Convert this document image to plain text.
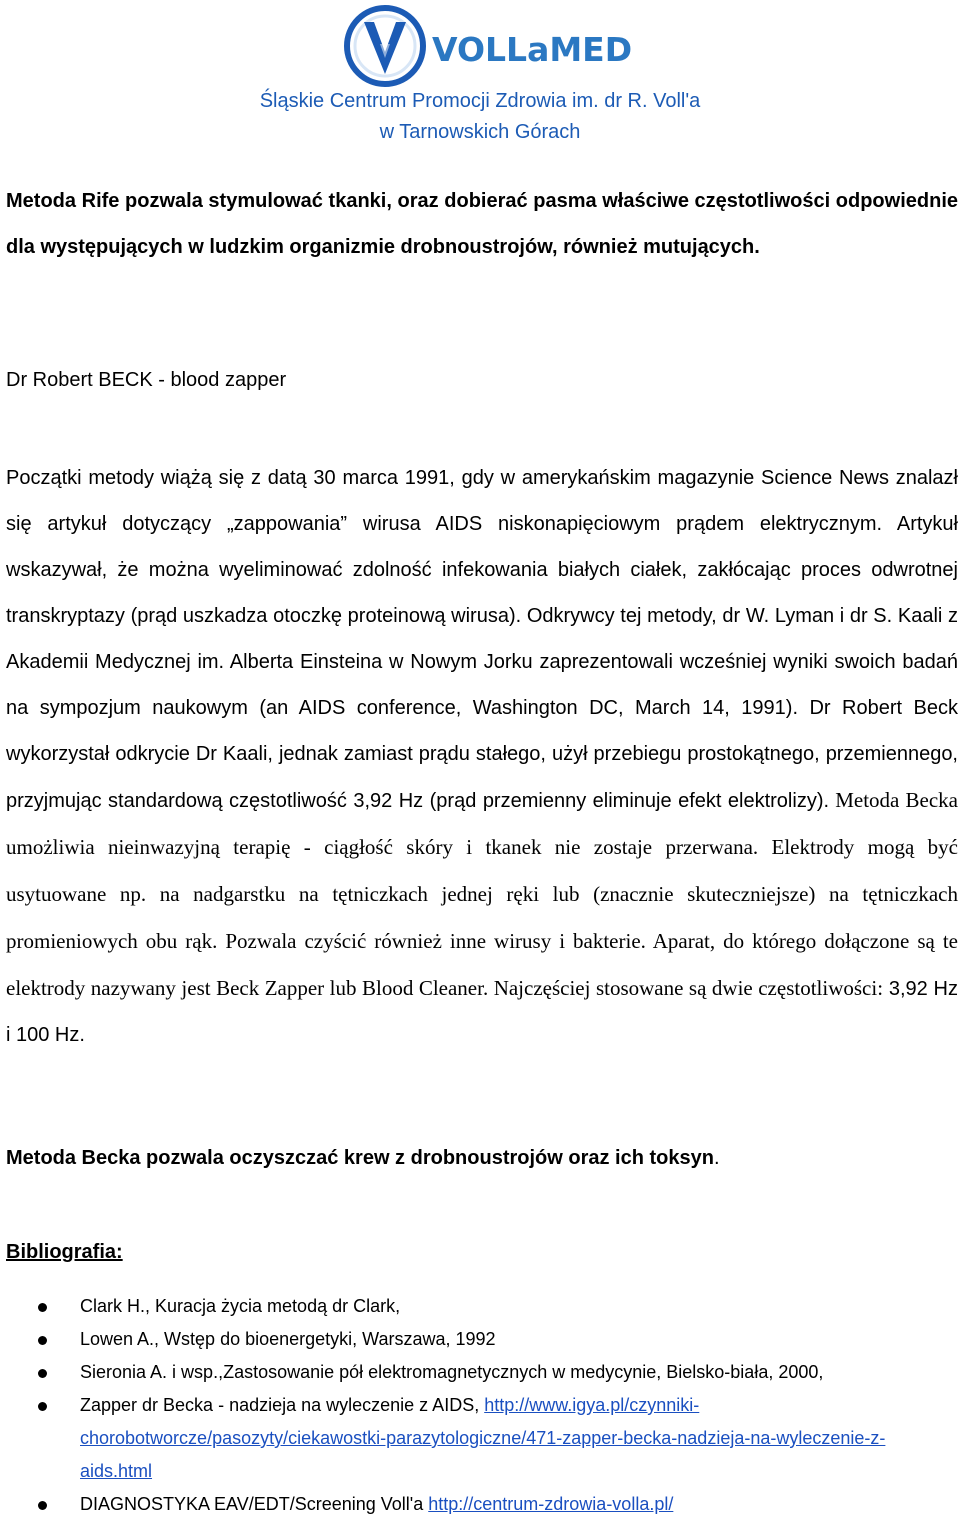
VOLLaMED
Śląskie Centrum Promocji Zdrowia im. dr R. Voll'a
w Tarnowskich Górach
Metoda Rife pozwala stymulować tkanki, oraz dobierać pasma właściwe częstotliwości odpowiednie dla występujących w ludzkim organizmie drobnoustrojów, również mutujących.
Dr Robert BECK - blood zapper
Początki metody wiążą się z datą 30 marca 1991, gdy w amerykańskim magazynie Science News znalazł się artykuł dotyczący „zappowania” wirusa AIDS niskonapięciowym prądem elektrycznym. Artykuł wskazywał, że można wyeliminować zdolność infekowania białych ciałek, zakłócając proces odwrotnej transkryptazy (prąd uszkadza otoczkę proteinową wirusa). Odkrywcy tej metody, dr W. Lyman i dr S. Kaali z Akademii Medycznej im. Alberta Einsteina w Nowym Jorku zaprezentowali wcześniej wyniki swoich badań na sympozjum naukowym (an AIDS conference, Washington DC, March 14, 1991). Dr Robert Beck wykorzystał odkrycie Dr Kaali, jednak zamiast prądu stałego, użył przebiegu prostokątnego, przemiennego, przyjmując standardową częstotliwość 3,92 Hz (prąd przemienny eliminuje efekt elektrolizy). Metoda Becka umożliwia nieinwazyjną terapię - ciągłość skóry i tkanek nie zostaje przerwana. Elektrody mogą być usytuowane np. na nadgarstku na tętniczkach jednej ręki lub (znacznie skuteczniejsze) na tętniczkach promieniowych obu rąk. Pozwala czyścić również inne wirusy i bakterie. Aparat, do którego dołączone są te elektrody nazywany jest Beck Zapper lub Blood Cleaner. Najczęściej stosowane są dwie częstotliwości: 3,92 Hz i 100 Hz.
Metoda Becka pozwala oczyszczać krew z drobnoustrojów oraz ich toksyn.
Bibliografia:
Clark H., Kuracja życia metodą dr Clark,
Lowen A., Wstęp do bioenergetyki, Warszawa, 1992
Sieronia A. i wsp.,Zastosowanie pół elektromagnetycznych w medycynie, Bielsko-biała, 2000,
Zapper dr Becka - nadzieja na wyleczenie z AIDS, http://www.igya.pl/czynniki-chorobotworcze/pasozyty/ciekawostki-parazytologiczne/471-zapper-becka-nadzieja-na-wyleczenie-z-aids.html
DIAGNOSTYKA EAV/EDT/Screening Voll'a http://centrum-zdrowia-volla.pl/
